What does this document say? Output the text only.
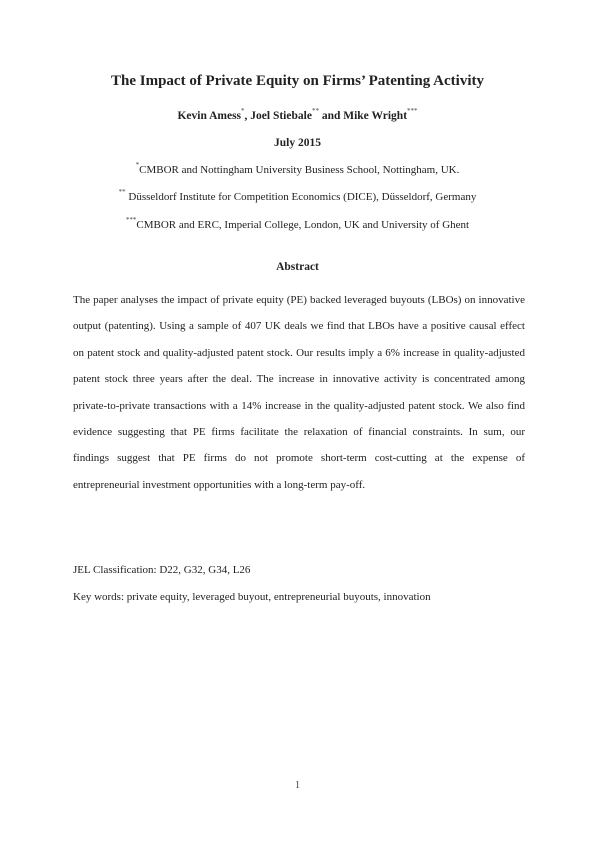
The Impact of Private Equity on Firms’ Patenting Activity
Kevin Amess*, Joel Stiebale** and Mike Wright***
July 2015
*CMBOR and Nottingham University Business School, Nottingham, UK.
** Düsseldorf Institute for Competition Economics (DICE), Düsseldorf, Germany
***CMBOR and ERC, Imperial College, London, UK and University of Ghent
Abstract
The paper analyses the impact of private equity (PE) backed leveraged buyouts (LBOs) on innovative output (patenting). Using a sample of 407 UK deals we find that LBOs have a positive causal effect on patent stock and quality-adjusted patent stock. Our results imply a 6% increase in quality-adjusted patent stock three years after the deal. The increase in innovative activity is concentrated among private-to-private transactions with a 14% increase in the quality-adjusted patent stock. We also find evidence suggesting that PE firms facilitate the relaxation of financial constraints. In sum, our findings suggest that PE firms do not promote short-term cost-cutting at the expense of entrepreneurial investment opportunities with a long-term pay-off.
JEL Classification: D22, G32, G34, L26
Key words: private equity, leveraged buyout, entrepreneurial buyouts, innovation
1
